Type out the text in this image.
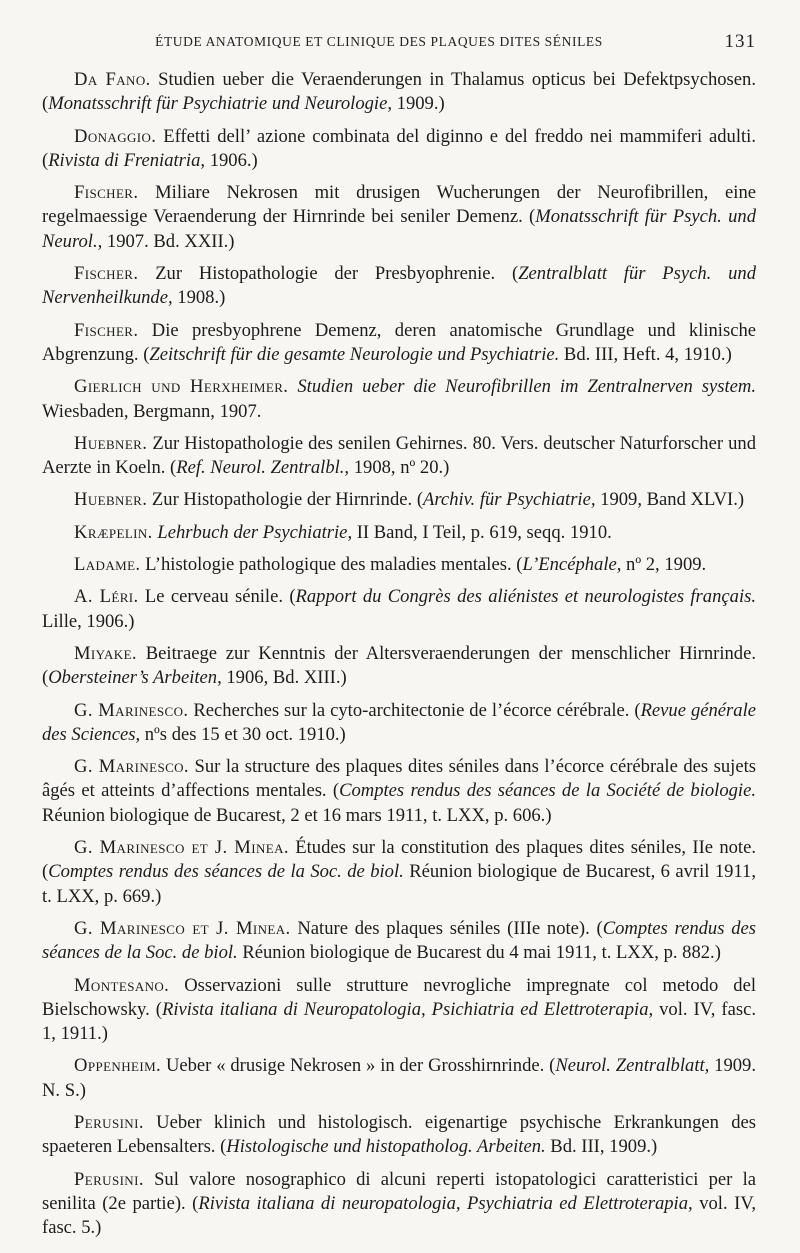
ÉTUDE ANATOMIQUE ET CLINIQUE DES PLAQUES DITES SÉNILES	131

Da Fano. Studien ueber die Veraenderungen in Thalamus opticus bei Defektpsychosen. (Monatsschrift für Psychiatrie und Neurologie, 1909.)

Donaggio. Effetti dell’ azione combinata del diginno e del freddo nei mammiferi adulti. (Rivista di Freniatria, 1906.)

Fischer. Miliare Nekrosen mit drusigen Wucherungen der Neurofibrillen, eine regelmaessige Veraenderung der Hirnrinde bei seniler Demenz. (Monatsschrift für Psych. und Neurol., 1907. Bd. XXII.)

Fischer. Zur Histopathologie der Presbyophrenie. (Zentralblatt für Psych. und Nervenheilkunde, 1908.)

Fischer. Die presbyophrene Demenz, deren anatomische Grundlage und klinische Abgrenzung. (Zeitschrift für die gesamte Neurologie und Psychiatrie. Bd. III, Heft. 4, 1910.)

Gierlich und Herxheimer. Studien ueber die Neurofibrillen im Zentralnerven system. Wiesbaden, Bergmann, 1907.

Huebner. Zur Histopathologie des senilen Gehirnes. 80. Vers. deutscher Naturforscher und Aerzte in Koeln. (Ref. Neurol. Zentralbl., 1908, nº 20.)

Huebner. Zur Histopathologie der Hirnrinde. (Archiv. für Psychiatrie, 1909, Band XLVI.)

Kræpelin. Lehrbuch der Psychiatrie, II Band, I Teil, p. 619, seqq. 1910.

Ladame. L’histologie pathologique des maladies mentales. (L’Encéphale, nº 2, 1909.

A. Léri. Le cerveau sénile. (Rapport du Congrès des aliénistes et neurologistes français. Lille, 1906.)

Miyake. Beitraege zur Kenntnis der Altersveraenderungen der menschlicher Hirnrinde. (Obersteiner’s Arbeiten, 1906, Bd. XIII.)

G. Marinesco. Recherches sur la cyto-architectonie de l’écorce cérébrale. (Revue générale des Sciences, nºs des 15 et 30 oct. 1910.)

G. Marinesco. Sur la structure des plaques dites séniles dans l’écorce cérébrale des sujets âgés et atteints d’affections mentales. (Comptes rendus des séances de la Société de biologie. Réunion biologique de Bucarest, 2 et 16 mars 1911, t. LXX, p. 606.)

G. Marinesco et J. Minea. Études sur la constitution des plaques dites séniles, IIe note. (Comptes rendus des séances de la Soc. de biol. Réunion biologique de Bucarest, 6 avril 1911, t. LXX, p. 669.)

G. Marinesco et J. Minea. Nature des plaques séniles (IIIe note). (Comptes rendus des séances de la Soc. de biol. Réunion biologique de Bucarest du 4 mai 1911, t. LXX, p. 882.)

Montesano. Osservazioni sulle strutture nevrogliche impregnate col metodo del Bielschowsky. (Rivista italiana di Neuropatologia, Psichiatria ed Elettroterapia, vol. IV, fasc. 1, 1911.)

Oppenheim. Ueber « drusige Nekrosen » in der Grosshirnrinde. (Neurol. Zentralblatt, 1909. N. S.)

Perusini. Ueber klinich und histologisch. eigenartige psychische Erkrankungen des spaeteren Lebensalters. (Histologische und histopatholog. Arbeiten. Bd. III, 1909.)

Perusini. Sul valore nosographico di alcuni reperti istopatologici caratteristici per la senilita (2e partie). (Rivista italiana di neuropatologia, Psychiatria ed Elettroterapia, vol. IV, fasc. 5.)
